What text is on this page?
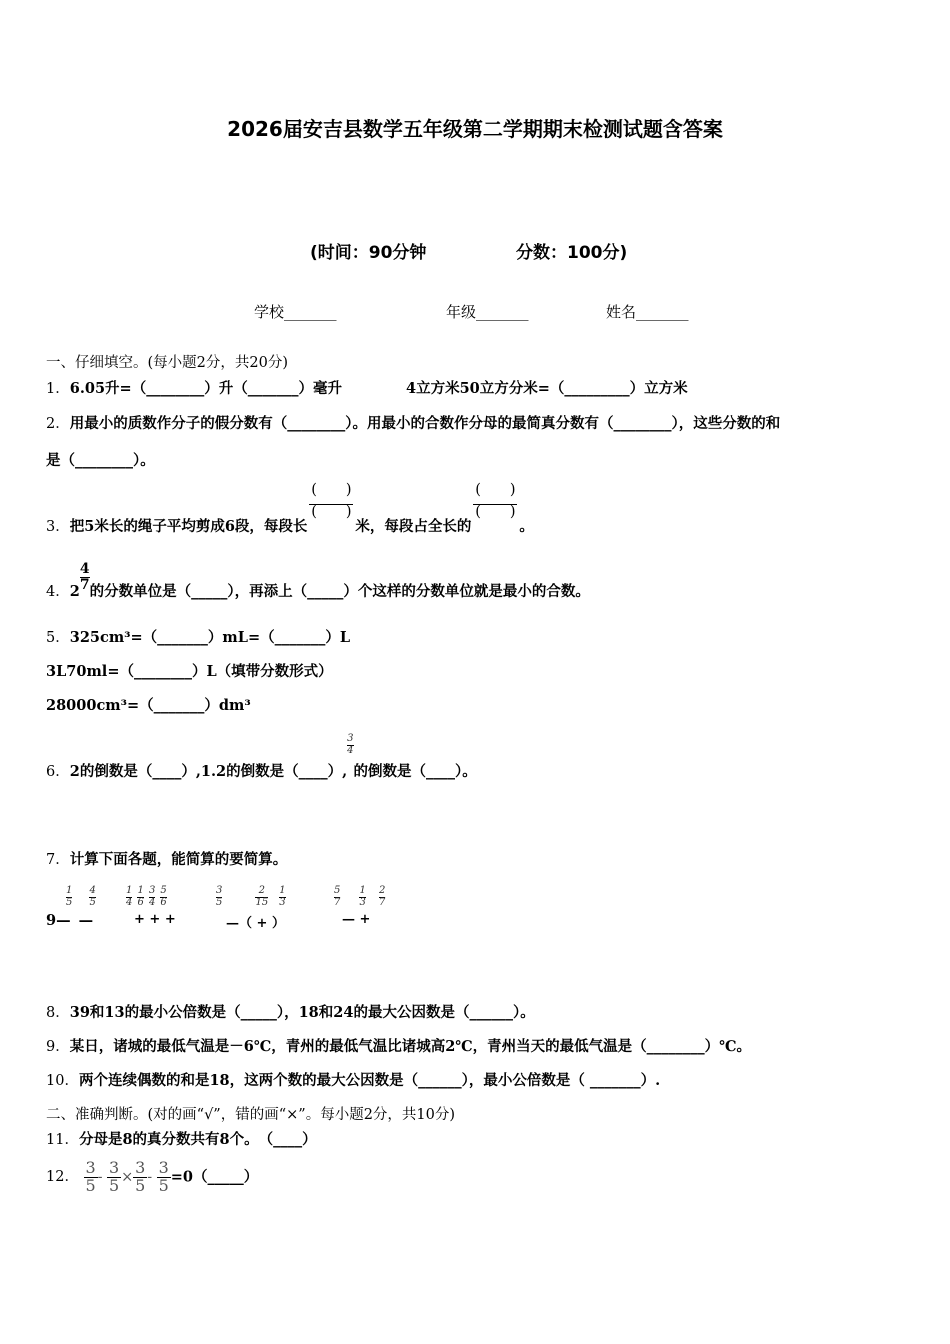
2026届安吉县数学五年级第二学期期末检测试题含答案
(时间：90分钟	分数：100分)
学校_______	年级_______	姓名_______
一、仔细填空。(每小题2分，共20分)
1．6.05升=（________）升（_______）毫升	4立方米50立方分米=（_________）立方米
2．用最小的质数作分子的假分数有（________）。用最小的合数作分母的最简真分数有（________），这些分数的和
是（________）。
3．把5米长的绳子平均剪成6段，每段长
$\frac{( )}{( )}$
米，每段占全长的
$\frac{( )}{( )}$
。
4．$2 \frac{4}{7}$ 的分数单位是（_____），再添上（_____）个这样的分数单位就是最小的合数。
5．325cm³=（_______）mL=（_______）L
3L70ml=（________）L（填带分数形式）
28000cm³=（_______）dm³
6．2的倒数是（____）,1.2的倒数是（____）,
$\frac{3}{4}$
的倒数是（____）。
7．计算下面各题，能简算的要简算。
$\frac{1}{5}$
$\frac{4}{5}$
9— —
$\frac{1}{4}$
$\frac{1}{6}$
$\frac{3}{4}$
$\frac{5}{6}$
+ + +
$\frac{3}{5}$
	$\frac{2}{15}$
$\frac{1}{3}$
—（ + ）
$\frac{5}{7}$
$\frac{1}{3}$
$\frac{2}{7}$
— +
8．39和13的最小公倍数是（_____），18和24的最大公因数是（______）。
9．某日，诸城的最低气温是－6℃，青州的最低气温比诸城高2℃，青州当天的最低气温是（________）℃。
10．两个连续偶数的和是18，这两个数的最大公因数是（______），最小公倍数是（ _______）.
二、准确判断。(对的画“√”，错的画“×”。每小题2分，共10分)
11．分母是8的真分数共有8个。　（____）
12． $\frac{3}{5} - \frac{3}{5} \times \frac{3}{5} - \frac{3}{5}$ =0（_____）
